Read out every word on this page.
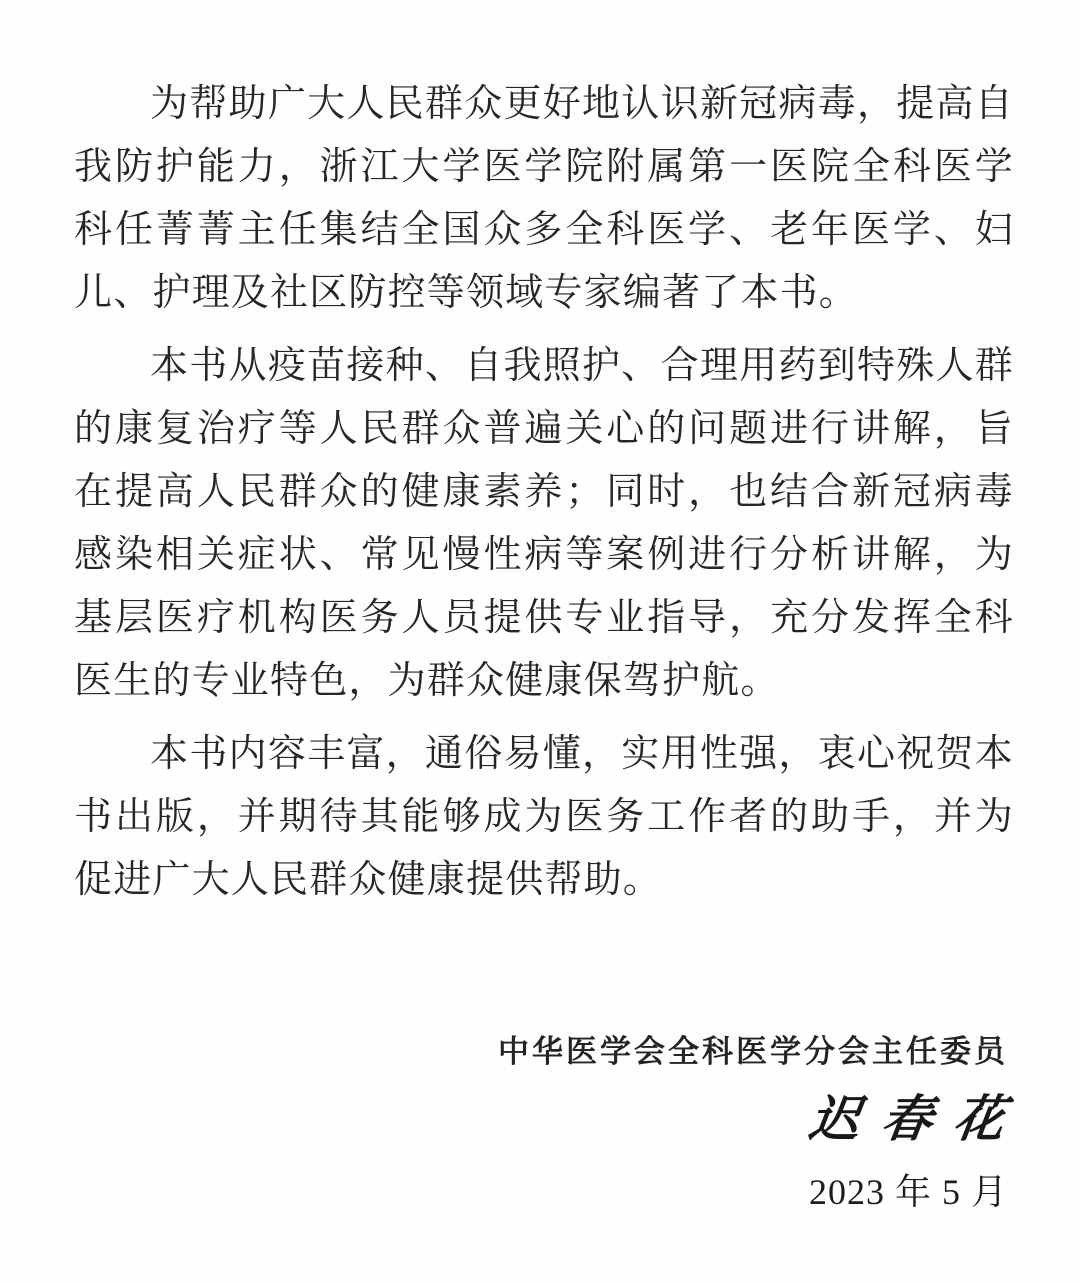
为帮助广大人民群众更好地认识新冠病毒，提高自我防护能力，浙江大学医学院附属第一医院全科医学科任菁菁主任集结全国众多全科医学、老年医学、妇儿、护理及社区防控等领域专家编著了本书。

本书从疫苗接种、自我照护、合理用药到特殊人群的康复治疗等人民群众普遍关心的问题进行讲解，旨在提高人民群众的健康素养；同时，也结合新冠病毒感染相关症状、常见慢性病等案例进行分析讲解，为基层医疗机构医务人员提供专业指导，充分发挥全科医生的专业特色，为群众健康保驾护航。

本书内容丰富，通俗易懂，实用性强，衷心祝贺本书出版，并期待其能够成为医务工作者的助手，并为促进广大人民群众健康提供帮助。

中华医学会全科医学分会主任委员
迟春花
2023 年 5 月
